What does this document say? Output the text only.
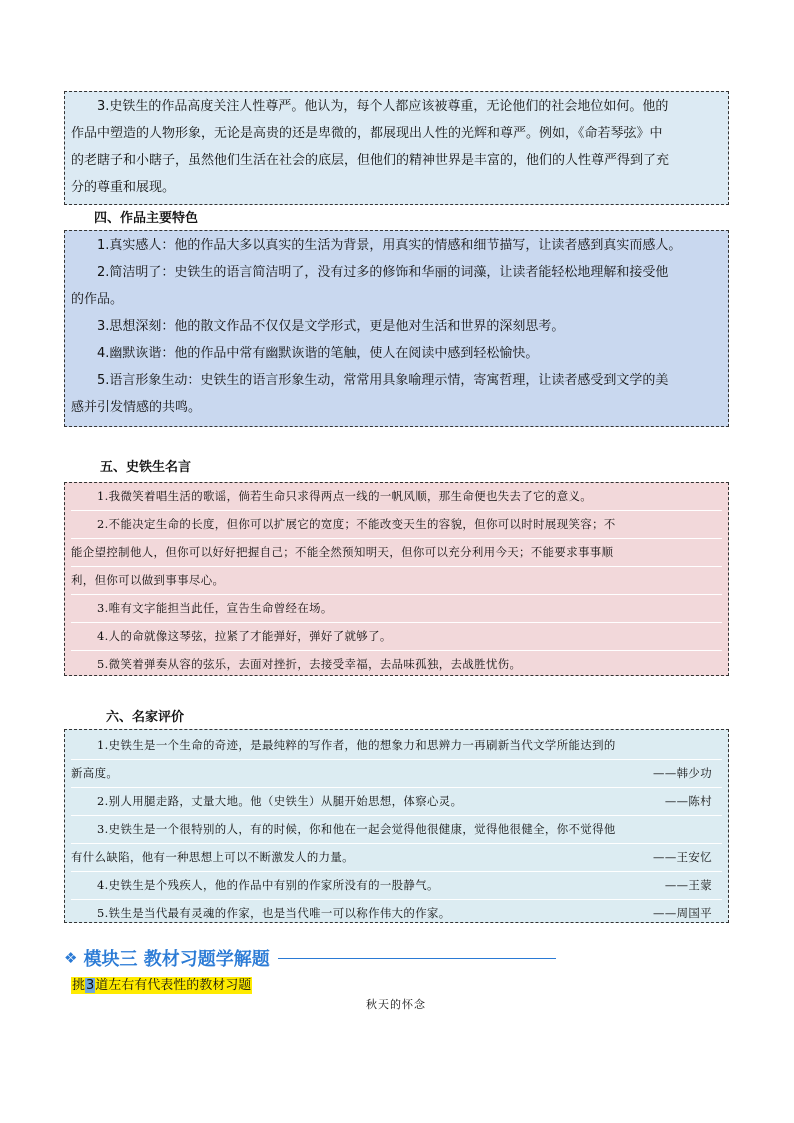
3.史铁生的作品高度关注人性尊严。他认为，每个人都应该被尊重，无论他们的社会地位如何。他的

作品中塑造的人物形象，无论是高贵的还是卑微的，都展现出人性的光辉和尊严。例如，《命若琴弦》中

的老瞎子和小瞎子，虽然他们生活在社会的底层，但他们的精神世界是丰富的，他们的人性尊严得到了充

分的尊重和展现。

四、作品主要特色

1.真实感人：他的作品大多以真实的生活为背景，用真实的情感和细节描写，让读者感到真实而感人。

2.简洁明了：史铁生的语言简洁明了，没有过多的修饰和华丽的词藻，让读者能轻松地理解和接受他

的作品。

3.思想深刻：他的散文作品不仅仅是文学形式，更是他对生活和世界的深刻思考。

4.幽默诙谐：他的作品中常有幽默诙谐的笔触，使人在阅读中感到轻松愉快。

5.语言形象生动：史铁生的语言形象生动，常常用具象喻理示情，寄寓哲理，让读者感受到文学的美

感并引发情感的共鸣。

五、史铁生名言

1.我微笑着唱生活的歌谣，倘若生命只求得两点一线的一帆风顺，那生命便也失去了它的意义。

2.不能决定生命的长度，但你可以扩展它的宽度；不能改变天生的容貌，但你可以时时展现笑容；不

能企望控制他人，但你可以好好把握自己；不能全然预知明天，但你可以充分利用今天；不能要求事事顺

利，但你可以做到事事尽心。

3.唯有文字能担当此任，宣告生命曾经在场。

4.人的命就像这琴弦，拉紧了才能弹好，弹好了就够了。

5.微笑着弹奏从容的弦乐，去面对挫折，去接受幸福，去品味孤独，去战胜忧伤。

六、名家评价

1.史铁生是一个生命的奇迹，是最纯粹的写作者，他的想象力和思辨力一再刷新当代文学所能达到的

新高度。	——韩少功

2.别人用腿走路，丈量大地。他（史铁生）从腿开始思想，体察心灵。	——陈村

3.史铁生是一个很特别的人，有的时候，你和他在一起会觉得他很健康，觉得他很健全，你不觉得他

有什么缺陷，他有一种思想上可以不断激发人的力量。	——王安忆

4.史铁生是个残疾人，他的作品中有别的作家所没有的一股静气。	——王蒙

5.铁生是当代最有灵魂的作家，也是当代唯一可以称作伟大的作家。	——周国平

❖ 模块三 教材习题学解题
挑3道左右有代表性的教材习题
秋天的怀念
